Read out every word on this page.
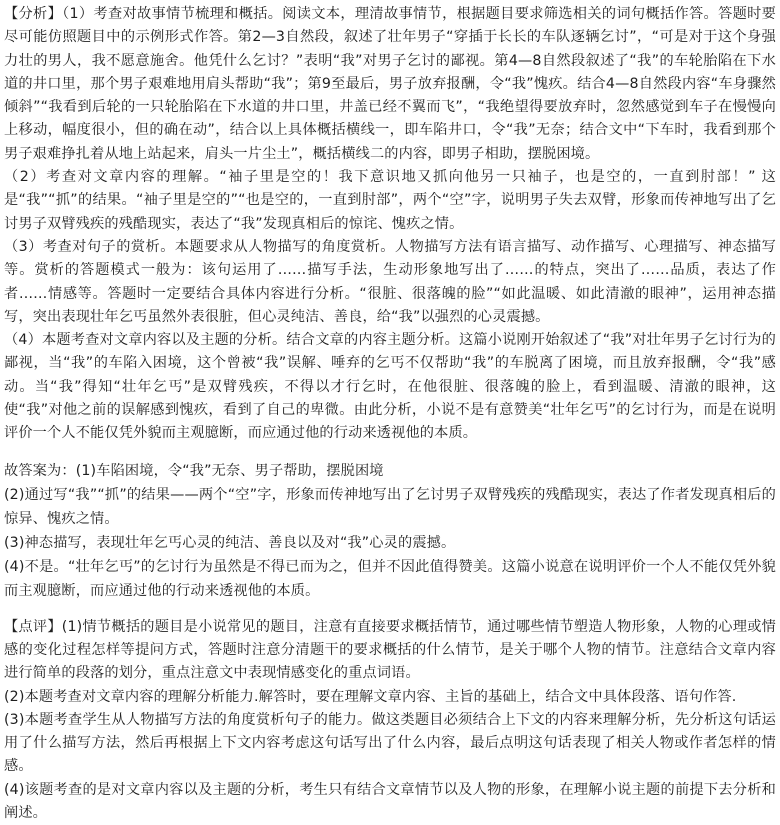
【分析】（1）考查对故事情节梳理和概括。阅读文本，理清故事情节，根据题目要求筛选相关的词句概括作答。答题时要尽可能仿照题目中的示例形式作答。第2—3自然段，叙述了壮年男子“穿插于长长的车队逐辆乞讨”，“可是对于这个身强力壮的男人，我不愿意施舍。他凭什么乞讨？”表明“我”对男子乞讨的鄙视。第4—8自然段叙述了“我”的车轮胎陷在下水道的井口里，那个男子艰难地用肩头帮助“我”；第9至最后，男子放弃报酬，令“我”愧疚。结合4—8自然段内容“车身骤然倾斜”“我看到后轮的一只轮胎陷在下水道的井口里，井盖已经不翼而飞”，“我绝望得要放弃时，忽然感觉到车子在慢慢向上移动，幅度很小，但的确在动”，结合以上具体概括横线一，即车陷井口，令“我”无奈；结合文中“下车时，我看到那个男子艰难挣扎着从地上站起来，肩头一片尘土”，概括横线二的内容，即男子相助，摆脱困境。

（2）考查对文章内容的理解。“袖子里是空的！我下意识地又抓向他另一只袖子，也是空的，一直到肘部！” 这是“我”“抓”的结果。“袖子里是空的”“也是空的，一直到肘部”，两个“空”字，说明男子失去双臂，形象而传神地写出了乞讨男子双臂残疾的残酷现实，表达了“我”发现真相后的惊诧、愧疚之情。

（3）考查对句子的赏析。本题要求从人物描写的角度赏析。人物描写方法有语言描写、动作描写、心理描写、神态描写等。赏析的答题模式一般为：该句运用了……描写手法，生动形象地写出了……的特点，突出了……品质，表达了作者……情感等。答题时一定要结合具体内容进行分析。“很脏、很落魄的脸”“如此温暖、如此清澈的眼神”，运用神态描写，突出表现壮年乞丐虽然外表很脏，但心灵纯洁、善良，给“我”以强烈的心灵震撼。

（4）本题考查对文章内容以及主题的分析。结合文章的内容主题分析。这篇小说刚开始叙述了“我”对壮年男子乞讨行为的鄙视，当“我”的车陷入困境，这个曾被“我”误解、唾弃的乞丐不仅帮助“我”的车脱离了困境，而且放弃报酬，令“我”感动。当“我”得知“壮年乞丐”是双臂残疾，不得以才行乞时，在他很脏、很落魄的脸上，看到温暖、清澈的眼神，这使“我”对他之前的误解感到愧疚，看到了自己的卑微。由此分析，小说不是有意赞美“壮年乞丐”的乞讨行为，而是在说明评价一个人不能仅凭外貌而主观臆断，而应通过他的行动来透视他的本质。

故答案为：(1)车陷困境，令“我”无奈、男子帮助，摆脱困境

(2)通过写“我”“抓”的结果——两个“空”字，形象而传神地写出了乞讨男子双臂残疾的残酷现实，表达了作者发现真相后的惊异、愧疚之情。

(3)神态描写，表现壮年乞丐心灵的纯洁、善良以及对“我”心灵的震撼。

(4)不是。“壮年乞丐”的乞讨行为虽然是不得已而为之，但并不因此值得赞美。这篇小说意在说明评价一个人不能仅凭外貌而主观臆断，而应通过他的行动来透视他的本质。

【点评】(1)情节概括的题目是小说常见的题目，注意有直接要求概括情节，通过哪些情节塑造人物形象，人物的心理或情感的变化过程怎样等提问方式，答题时注意分清题干的要求概括的什么情节，是关于哪个人物的情节。注意结合文章内容进行简单的段落的划分，重点注意文中表现情感变化的重点词语。

(2)本题考查对文章内容的理解分析能力.解答时，要在理解文章内容、主旨的基础上，结合文中具体段落、语句作答.

(3)本题考查学生从人物描写方法的角度赏析句子的能力。做这类题目必须结合上下文的内容来理解分析，先分析这句话运用了什么描写方法，然后再根据上下文内容考虑这句话写出了什么内容，最后点明这句话表现了相关人物或作者怎样的情感。

(4)该题考查的是对文章内容以及主题的分析，考生只有结合文章情节以及人物的形象，在理解小说主题的前提下去分析和阐述。
